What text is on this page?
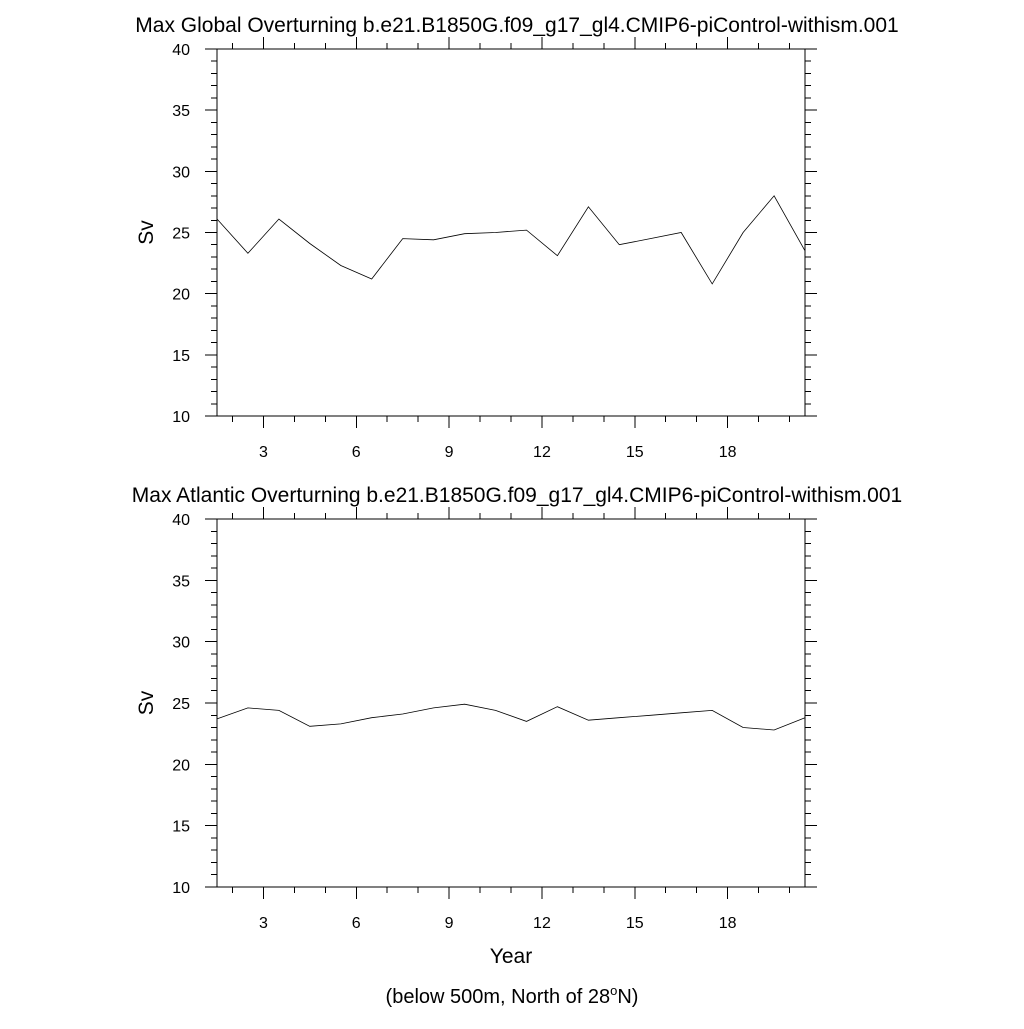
Max Global Overturning b.e21.B1850G.f09_g17_gl4.CMIP6-piControl-withism.001
10
15
20
25
30
35
40
3	6	9	12	15	18
Sv
Max Atlantic Overturning b.e21.B1850G.f09_g17_gl4.CMIP6-piControl-withism.001
10
15
20
25
30
35
40
3	6	9	12	15	18
Sv
Year
(below 500m, North of 28$^o$N)
